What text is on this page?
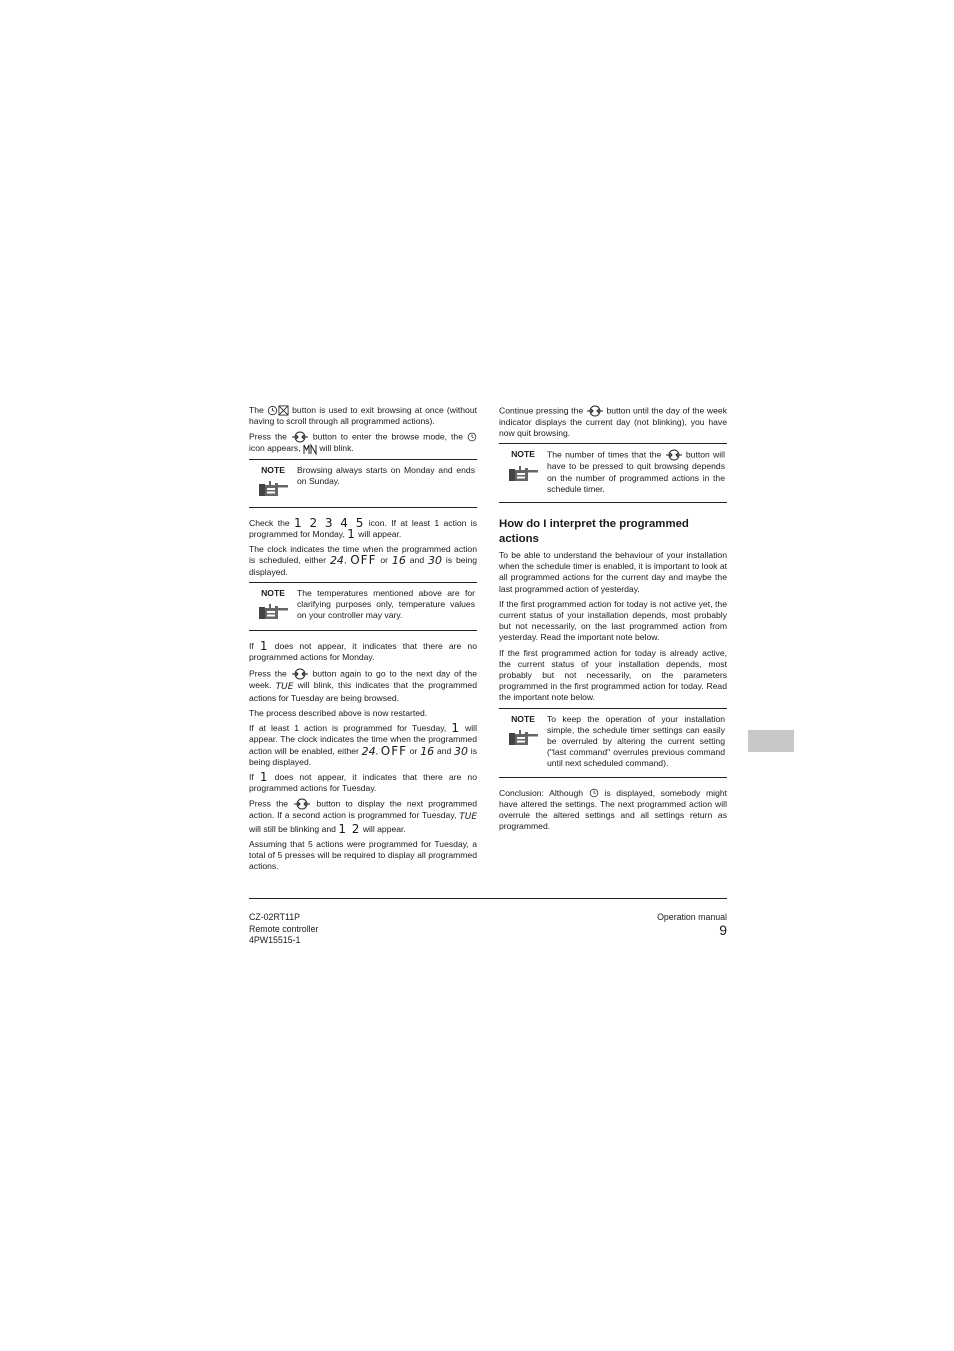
The	button is used to exit browsing at once (without having to scroll through all programmed actions).

Press the	button to enter the browse mode, the  icon appears, will blink.

NOTE Browsing always starts on Monday and ends on Sunday.

Check the 1 2 3 4 5 icon. If at least 1 action is programmed for Monday, 1 will appear.

The clock indicates the time when the programmed action is scheduled, either 24, OFF or 16 and 30 is being displayed.

NOTE The temperatures mentioned above are for clarifying purposes only, temperature values on your controller may vary.

If 1 does not appear, it indicates that there are no programmed actions for Monday.

Press the	button again to go to the next day of the week. TUE will blink, this indicates that the programmed actions for Tuesday are being browsed.

The process described above is now restarted.

If at least 1 action is programmed for Tuesday, 1 will appear. The clock indicates the time when the programmed action will be enabled, either 24, OFF or 16 and 30 is being displayed.

If 1 does not appear, it indicates that there are no programmed actions for Tuesday.

Press the	button to display the next programmed action. If a second action is programmed for Tuesday, TUE will still be blinking and 1 2 will appear.

Assuming that 5 actions were programmed for Tuesday, a total of 5 presses will be required to display all programmed actions.

Continue pressing the	button until the day of the week indicator displays the current day (not blinking), you have now quit browsing.

NOTE The number of times that the	button will have to be pressed to quit browsing depends on the number of programmed actions in the schedule timer.
How do I interpret the programmed actions

To be able to understand the behaviour of your installation when the schedule timer is enabled, it is important to look at all programmed actions for the current day and maybe the last programmed action of yesterday.

If the first programmed action for today is not active yet, the current status of your installation depends, most probably but not necessarily, on the last programmed action from yesterday. Read the important note below.

If the first programmed action for today is already active, the current status of your installation depends, most probably but not necessarily, on the parameters programmed in the first programmed action for today. Read the important note below.

NOTE To keep the operation of your installation simple, the schedule timer settings can easily be overruled by altering the current setting ("last command" overrules previous command until next scheduled command).

Conclusion: Although is displayed, somebody might have altered the settings. The next programmed action will overrule the altered settings and all settings return as programmed.

CZ-02RT11P
Remote controller
4PW15515-1
Operation manual
9
